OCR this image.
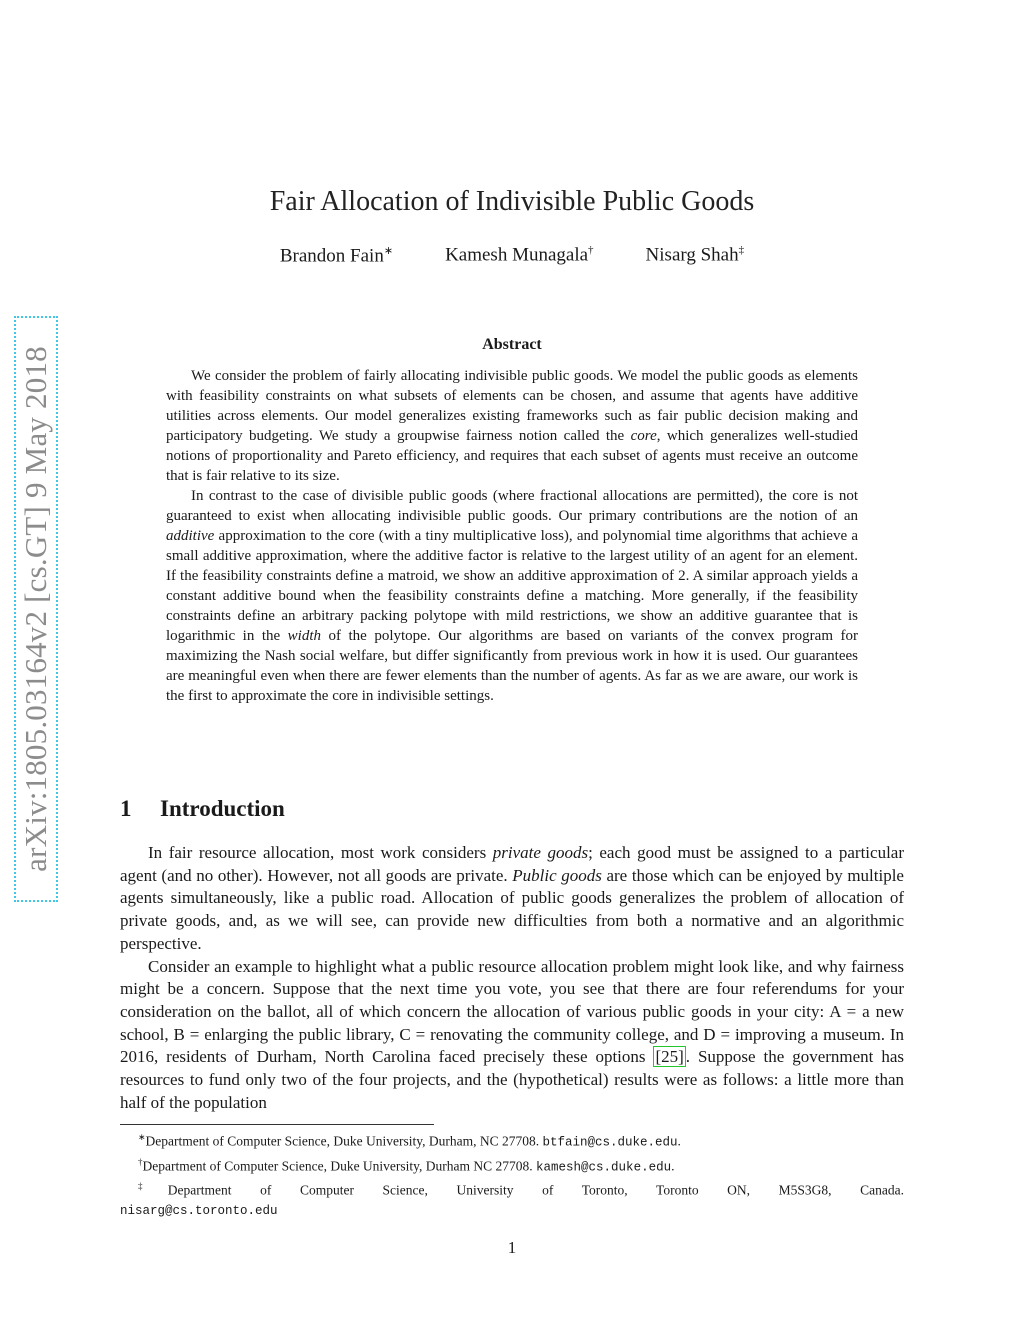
arXiv:1805.03164v2 [cs.GT] 9 May 2018
Fair Allocation of Indivisible Public Goods
Brandon Fain∗	Kamesh Munagala†	Nisarg Shah‡
Abstract

We consider the problem of fairly allocating indivisible public goods. We model the public goods as elements with feasibility constraints on what subsets of elements can be chosen, and assume that agents have additive utilities across elements. Our model generalizes existing frameworks such as fair public decision making and participatory budgeting. We study a groupwise fairness notion called the core, which generalizes well-studied notions of proportionality and Pareto efficiency, and requires that each subset of agents must receive an outcome that is fair relative to its size.

In contrast to the case of divisible public goods (where fractional allocations are permitted), the core is not guaranteed to exist when allocating indivisible public goods. Our primary contributions are the notion of an additive approximation to the core (with a tiny multiplicative loss), and polynomial time algorithms that achieve a small additive approximation, where the additive factor is relative to the largest utility of an agent for an element. If the feasibility constraints define a matroid, we show an additive approximation of 2. A similar approach yields a constant additive bound when the feasibility constraints define a matching. More generally, if the feasibility constraints define an arbitrary packing polytope with mild restrictions, we show an additive guarantee that is logarithmic in the width of the polytope. Our algorithms are based on variants of the convex program for maximizing the Nash social welfare, but differ significantly from previous work in how it is used. Our guarantees are meaningful even when there are fewer elements than the number of agents. As far as we are aware, our work is the first to approximate the core in indivisible settings.

1 Introduction

In fair resource allocation, most work considers private goods; each good must be assigned to a particular agent (and no other). However, not all goods are private. Public goods are those which can be enjoyed by multiple agents simultaneously, like a public road. Allocation of public goods generalizes the problem of allocation of private goods, and, as we will see, can provide new difficulties from both a normative and an algorithmic perspective.

Consider an example to highlight what a public resource allocation problem might look like, and why fairness might be a concern. Suppose that the next time you vote, you see that there are four referendums for your consideration on the ballot, all of which concern the allocation of various public goods in your city: A = a new school, B = enlarging the public library, C = renovating the community college, and D = improving a museum. In 2016, residents of Durham, North Carolina faced precisely these options [25] . Suppose the government has resources to fund only two of the four projects, and the (hypothetical) results were as follows: a little more than half of the population

∗Department of Computer Science, Duke University, Durham, NC 27708. btfain@cs.duke.edu.
†Department of Computer Science, Duke University, Durham NC 27708. kamesh@cs.duke.edu.
‡Department of Computer Science, University of Toronto, Toronto ON, M5S3G8, Canada.
nisarg@cs.toronto.edu
1
